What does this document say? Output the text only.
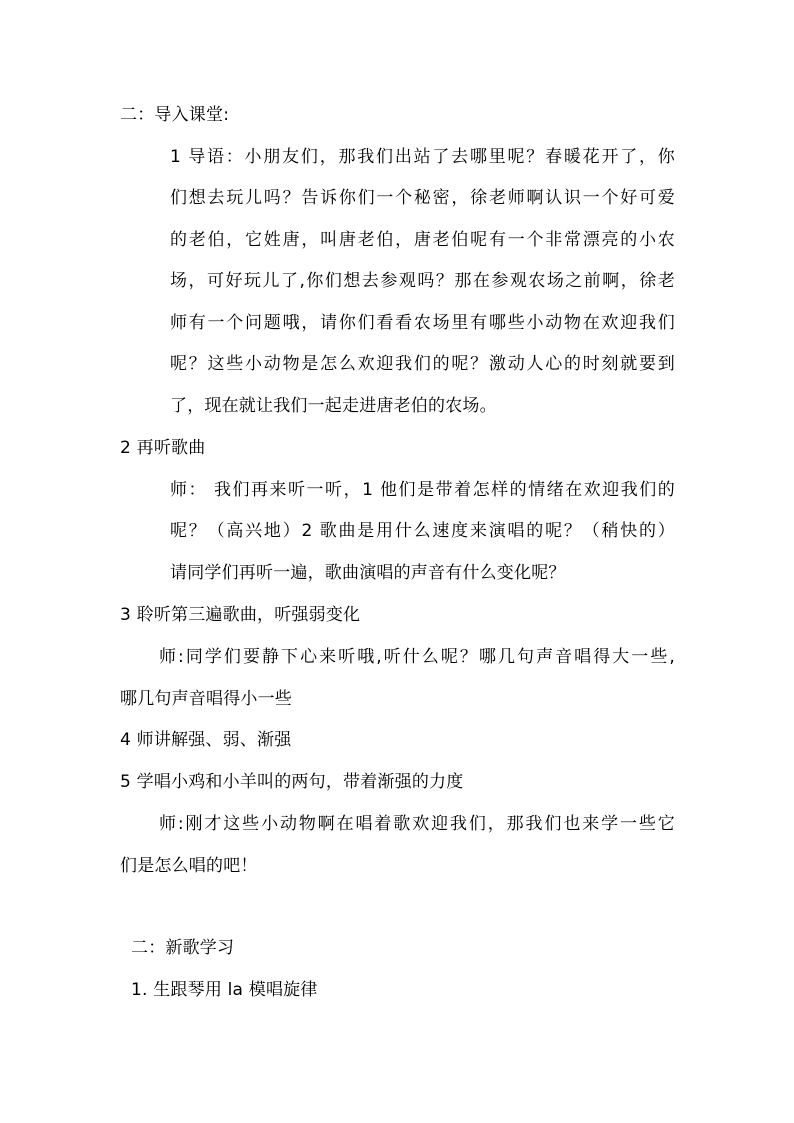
二：导入课堂:
1 导语：小朋友们，那我们出站了去哪里呢？春暖花开了，你
们想去玩儿吗？告诉你们一个秘密，徐老师啊认识一个好可爱
的老伯，它姓唐，叫唐老伯，唐老伯呢有一个非常漂亮的小农
场，可好玩儿了,你们想去参观吗？那在参观农场之前啊，徐老
师有一个问题哦，请你们看看农场里有哪些小动物在欢迎我们
呢？这些小动物是怎么欢迎我们的呢？激动人心的时刻就要到
了，现在就让我们一起走进唐老伯的农场。
2 再听歌曲
师： 我们再来听一听，1 他们是带着怎样的情绪在欢迎我们的
呢？（高兴地）2 歌曲是用什么速度来演唱的呢？（稍快的）
请同学们再听一遍，歌曲演唱的声音有什么变化呢？
3 聆听第三遍歌曲，听强弱变化
师:同学们要静下心来听哦,听什么呢？哪几句声音唱得大一些,
哪几句声音唱得小一些
4 师讲解强、弱、渐强
5 学唱小鸡和小羊叫的两句，带着渐强的力度
师:刚才这些小动物啊在唱着歌欢迎我们，那我们也来学一些它
们是怎么唱的吧！
二：新歌学习
1. 生跟琴用 la 模唱旋律
